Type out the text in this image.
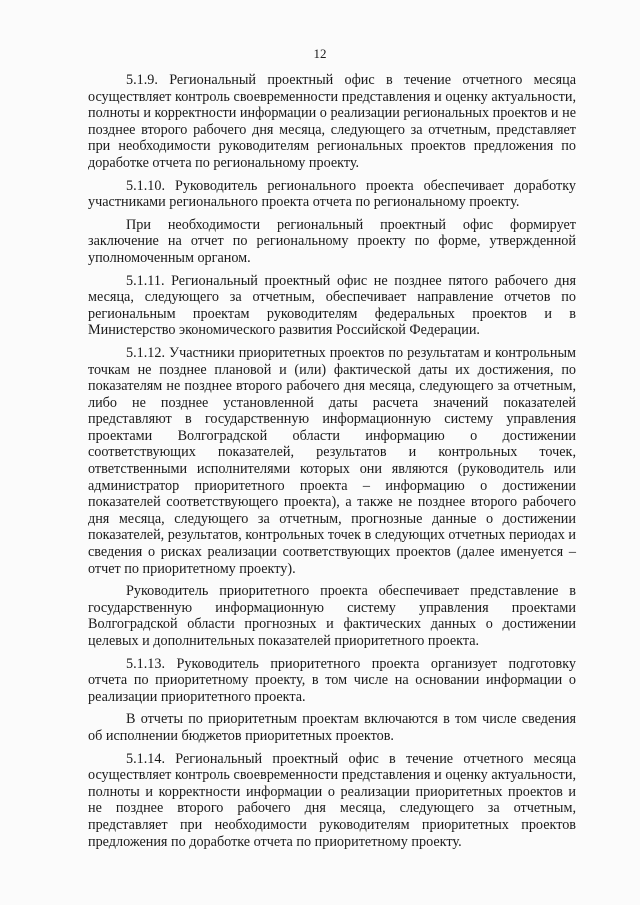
12

5.1.9. Региональный проектный офис в течение отчетного месяца осуществляет контроль своевременности представления и оценку актуальности, полноты и корректности информации о реализации региональных проектов и не позднее второго рабочего дня месяца, следующего за отчетным, представляет при необходимости руководителям региональных проектов предложения по доработке отчета по региональному проекту.

5.1.10. Руководитель регионального проекта обеспечивает доработку участниками регионального проекта отчета по региональному проекту.

При необходимости региональный проектный офис формирует заключение на отчет по региональному проекту по форме, утвержденной уполномоченным органом.

5.1.11. Региональный проектный офис не позднее пятого рабочего дня месяца, следующего за отчетным, обеспечивает направление отчетов по региональным проектам руководителям федеральных проектов и в Министерство экономического развития Российской Федерации.

5.1.12. Участники приоритетных проектов по результатам и контрольным точкам не позднее плановой и (или) фактической даты их достижения, по показателям не позднее второго рабочего дня месяца, следующего за отчетным, либо не позднее установленной даты расчета значений показателей представляют в государственную информационную систему управления проектами Волгоградской области информацию о достижении соответствующих показателей, результатов и контрольных точек, ответственными исполнителями которых они являются (руководитель или администратор приоритетного проекта – информацию о достижении показателей соответствующего проекта), а также не позднее второго рабочего дня месяца, следующего за отчетным, прогнозные данные о достижении показателей, результатов, контрольных точек в следующих отчетных периодах и сведения о рисках реализации соответствующих проектов (далее именуется – отчет по приоритетному проекту).

Руководитель приоритетного проекта обеспечивает представление в государственную информационную систему управления проектами Волгоградской области прогнозных и фактических данных о достижении целевых и дополнительных показателей приоритетного проекта.

5.1.13. Руководитель приоритетного проекта организует подготовку отчета по приоритетному проекту, в том числе на основании информации о реализации приоритетного проекта.

В отчеты по приоритетным проектам включаются в том числе сведения об исполнении бюджетов приоритетных проектов.

5.1.14. Региональный проектный офис в течение отчетного месяца осуществляет контроль своевременности представления и оценку актуальности, полноты и корректности информации о реализации приоритетных проектов и не позднее второго рабочего дня месяца, следующего за отчетным, представляет при необходимости руководителям приоритетных проектов предложения по доработке отчета по приоритетному проекту.
